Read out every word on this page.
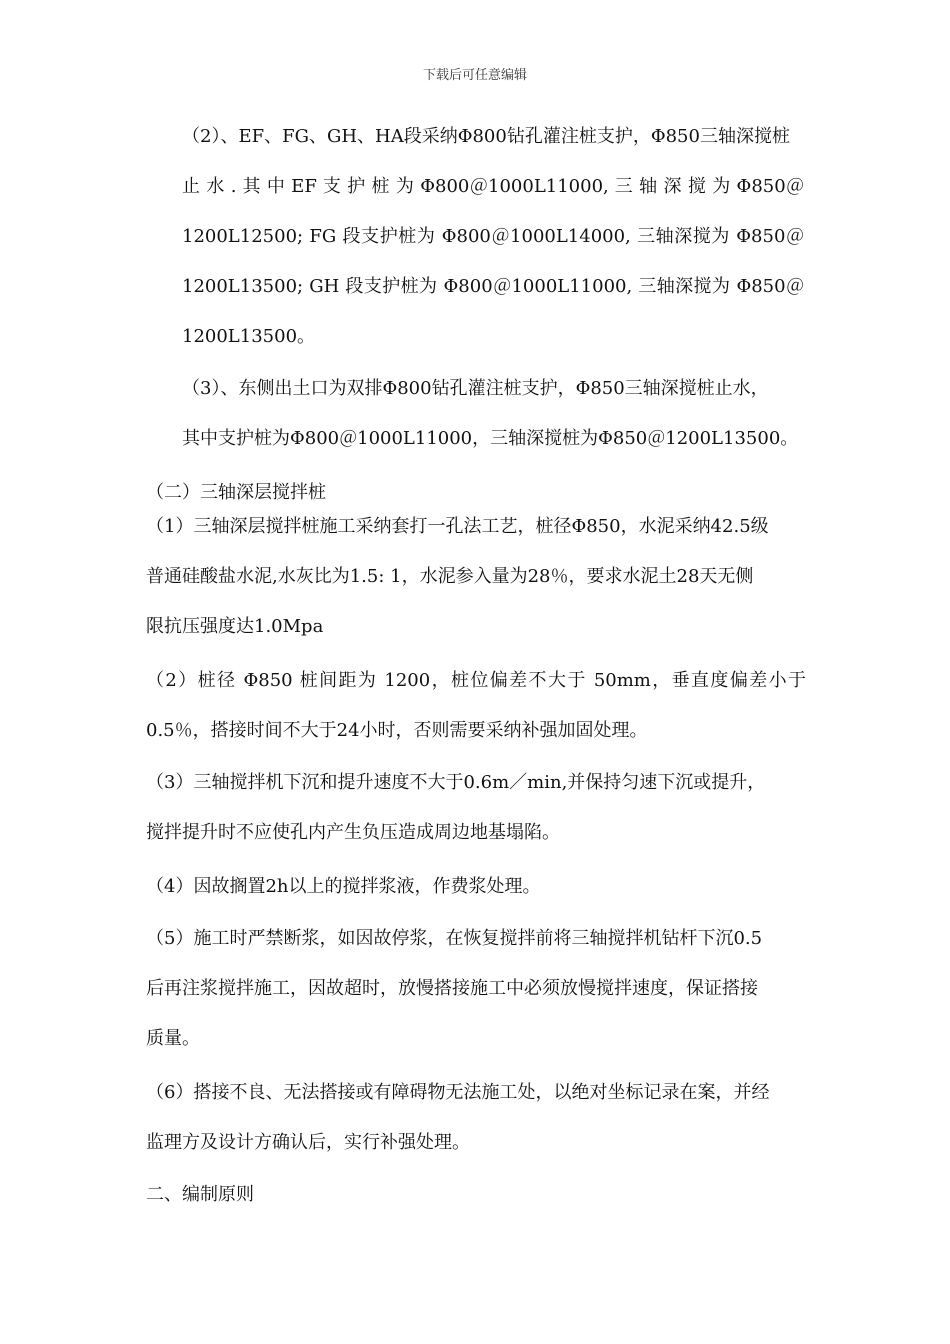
下载后可任意编辑
（2）、EF、FG、GH、HA段采纳Φ800钻孔灌注桩支护，Φ850三轴深搅桩
止 水 . 其 中 EF 支 护 桩 为 Φ800＠1000L11000, 三 轴 深 搅 为 Φ850＠
1200L12500; FG 段支护桩为 Φ800＠1000L14000, 三轴深搅为 Φ850＠
1200L13500; GH 段支护桩为 Φ800＠1000L11000, 三轴深搅为 Φ850＠
1200L13500。
（3）、东侧出土口为双排Φ800钻孔灌注桩支护，Φ850三轴深搅桩止水，
其中支护桩为Φ800＠1000L11000，三轴深搅桩为Φ850＠1200L13500。
（二）三轴深层搅拌桩
（1）三轴深层搅拌桩施工采纳套打一孔法工艺，桩径Φ850，水泥采纳42.5级
普通硅酸盐水泥,水灰比为1.5: 1，水泥参入量为28％，要求水泥土28天无侧
限抗压强度达1.0Mpa
（2）桩径 Φ850 桩间距为 1200，桩位偏差不大于 50mm，垂直度偏差小于
0.5％，搭接时间不大于24小时，否则需要采纳补强加固处理。
（3）三轴搅拌机下沉和提升速度不大于0.6m／min,并保持匀速下沉或提升，
搅拌提升时不应使孔内产生负压造成周边地基塌陷。
（4）因故搁置2h以上的搅拌浆液，作费浆处理。
（5）施工时严禁断浆，如因故停浆，在恢复搅拌前将三轴搅拌机钻杆下沉0.5
后再注浆搅拌施工，因故超时，放慢搭接施工中必须放慢搅拌速度，保证搭接
质量。
（6）搭接不良、无法搭接或有障碍物无法施工处，以绝对坐标记录在案，并经
监理方及设计方确认后，实行补强处理。
二、编制原则
